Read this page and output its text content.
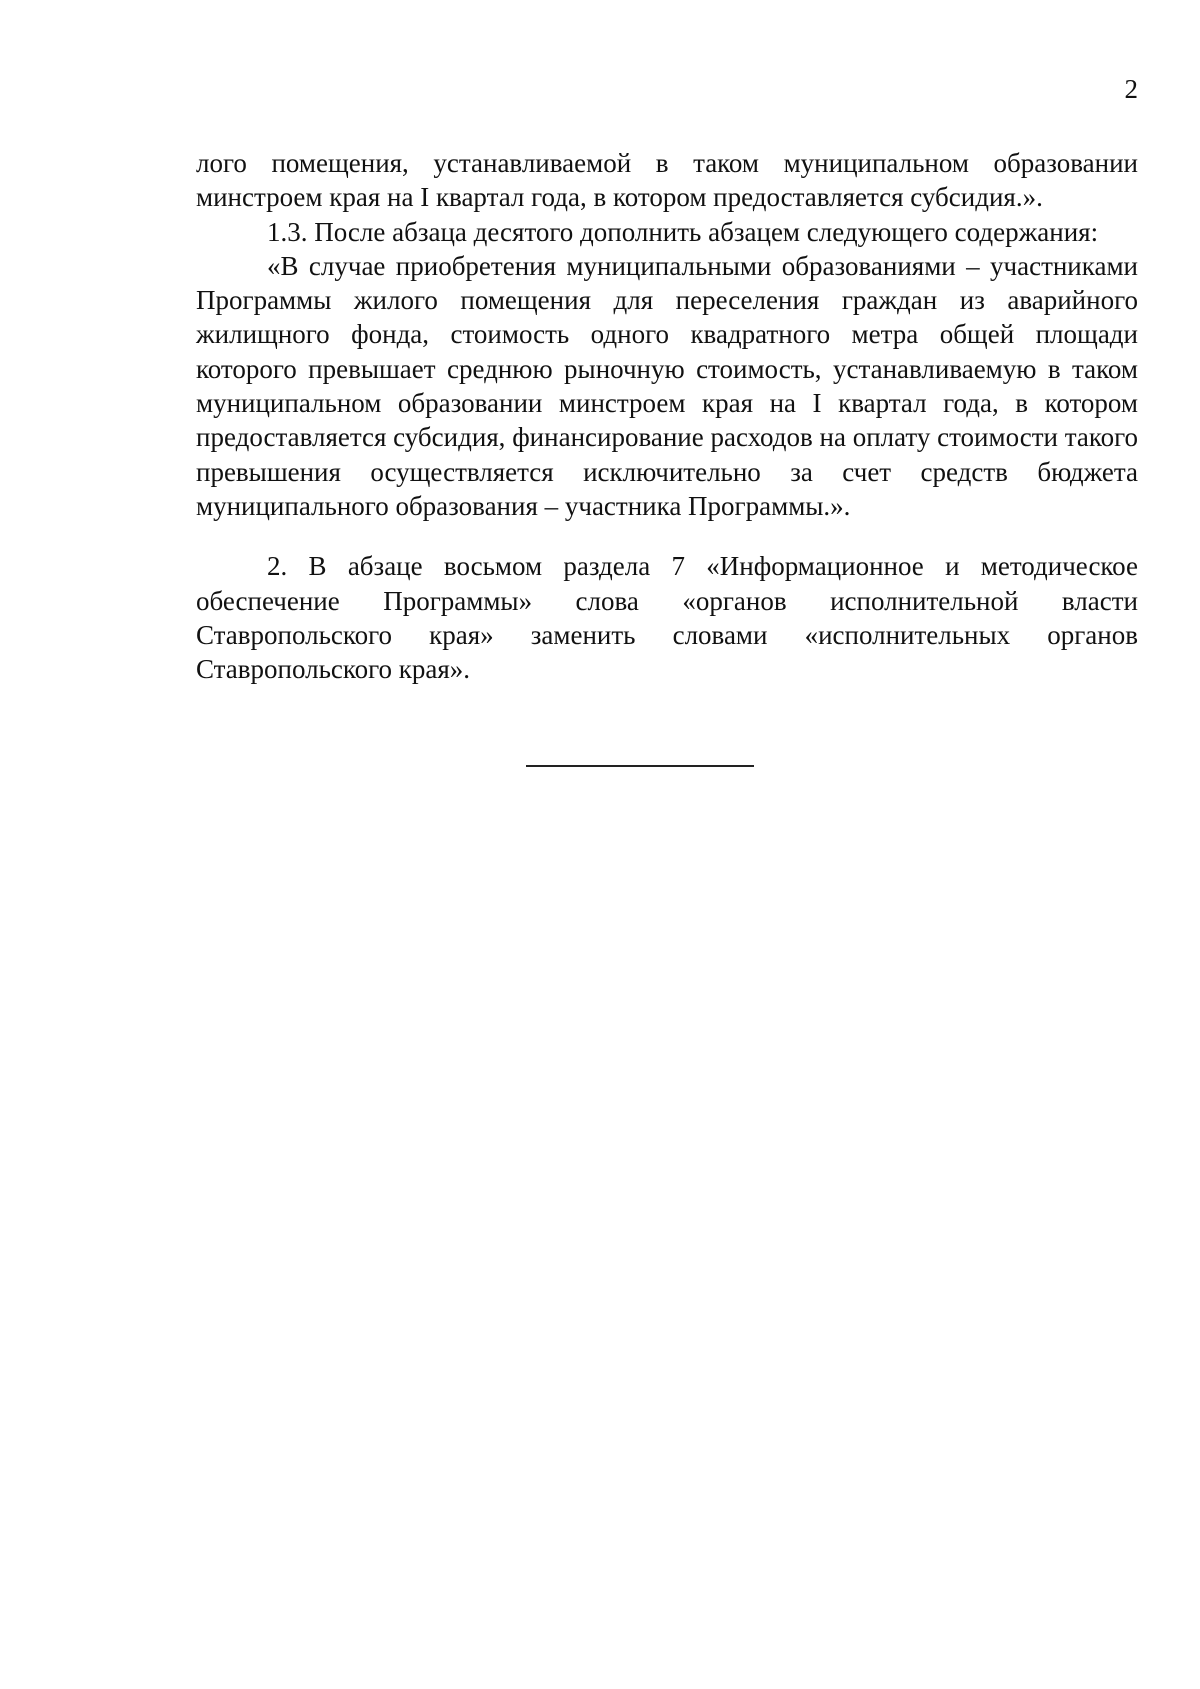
2

лого помещения, устанавливаемой в таком муниципальном образовании минстроем края на I квартал года, в котором предоставляется субсидия.».

1.3. После абзаца десятого дополнить абзацем следующего содержания:

«В случае приобретения муниципальными образованиями – участниками Программы жилого помещения для переселения граждан из аварийного жилищного фонда, стоимость одного квадратного метра общей площади которого превышает среднюю рыночную стоимость, устанавливаемую в таком муниципальном образовании минстроем края на I квартал года, в котором предоставляется субсидия, финансирование расходов на оплату стоимости такого превышения осуществляется исключительно за счет средств бюджета муниципального образования – участника Программы.».

2. В абзаце восьмом раздела 7 «Информационное и методическое обеспечение Программы» слова «органов исполнительной власти Ставропольского края» заменить словами «исполнительных органов Ставропольского края».
